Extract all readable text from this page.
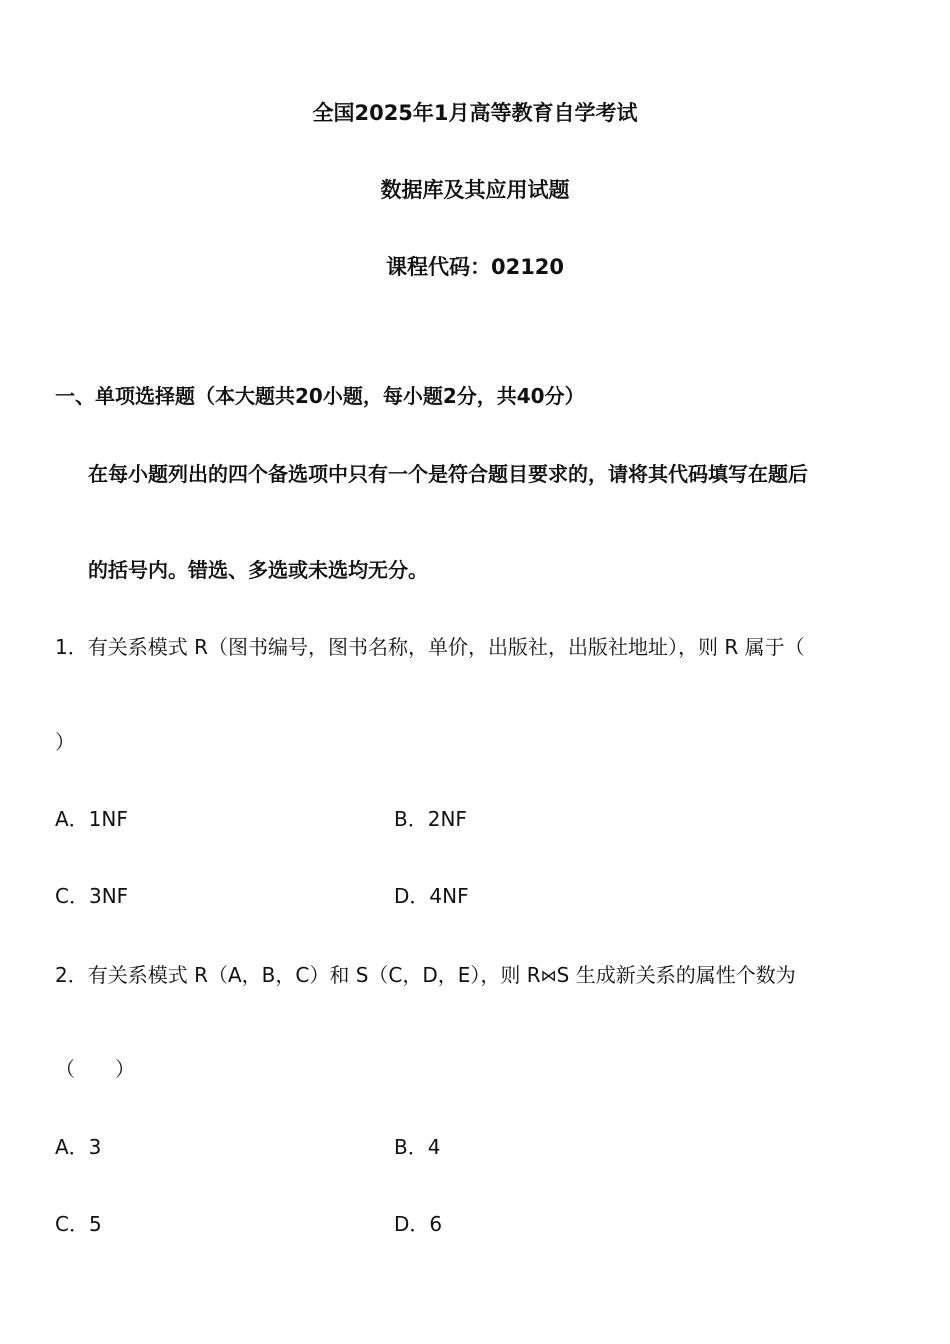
全国2025年1月高等教育自学考试
数据库及其应用试题
课程代码：02120
一、单项选择题（本大题共20小题，每小题2分，共40分）
在每小题列出的四个备选项中只有一个是符合题目要求的，请将其代码填写在题后
的括号内。错选、多选或未选均无分。
1．有关系模式 R（图书编号，图书名称，单价，出版社，出版社地址），则 R 属于（
）
A．1NF	B．2NF
C．3NF	D．4NF
2．有关系模式 R（A，B，C）和 S（C，D，E），则 R⋈S 生成新关系的属性个数为
（　　）
A．3	B．4
C．5	D．6
